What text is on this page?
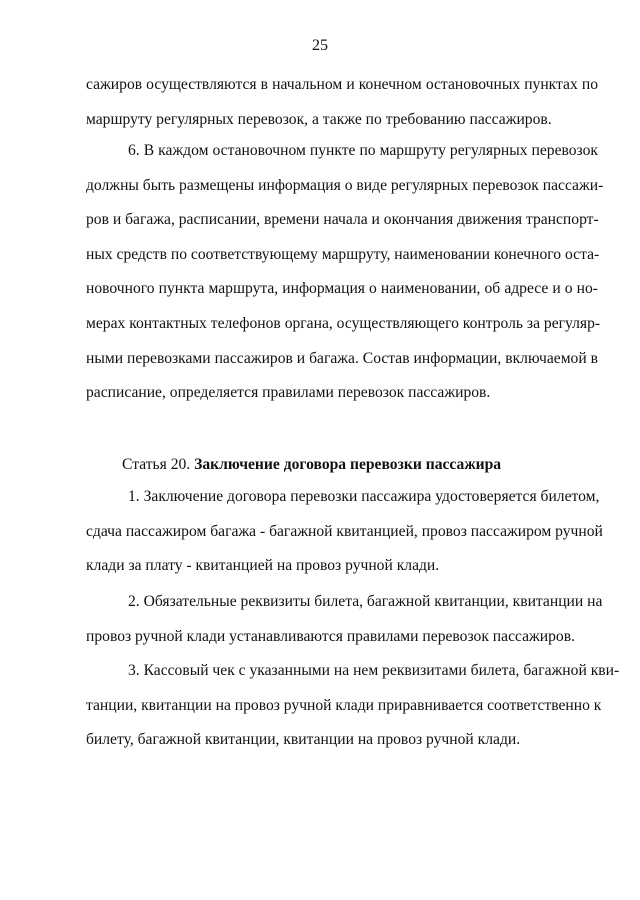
25
сажиров осуществляются в начальном и конечном остановочных пунктах по
маршруту регулярных перевозок, а также по требованию пассажиров.
6. В каждом остановочном пункте по маршруту регулярных перевозок
должны быть размещены информация о виде регулярных перевозок пассажи-
ров и багажа, расписании, времени начала и окончания движения транспорт-
ных средств по соответствующему маршруту, наименовании конечного оста-
новочного пункта маршрута, информация о наименовании, об адресе и о но-
мерах контактных телефонов органа, осуществляющего контроль за регуляр-
ными перевозками пассажиров и багажа. Состав информации, включаемой в
расписание, определяется правилами перевозок пассажиров.
Статья 20. Заключение договора перевозки пассажира
1. Заключение договора перевозки пассажира удостоверяется билетом,
сдача пассажиром багажа - багажной квитанцией, провоз пассажиром ручной
клади за плату - квитанцией на провоз ручной клади.
2. Обязательные реквизиты билета, багажной квитанции, квитанции на
провоз ручной клади устанавливаются правилами перевозок пассажиров.
3. Кассовый чек с указанными на нем реквизитами билета, багажной кви-
танции, квитанции на провоз ручной клади приравнивается соответственно к
билету, багажной квитанции, квитанции на провоз ручной клади.
